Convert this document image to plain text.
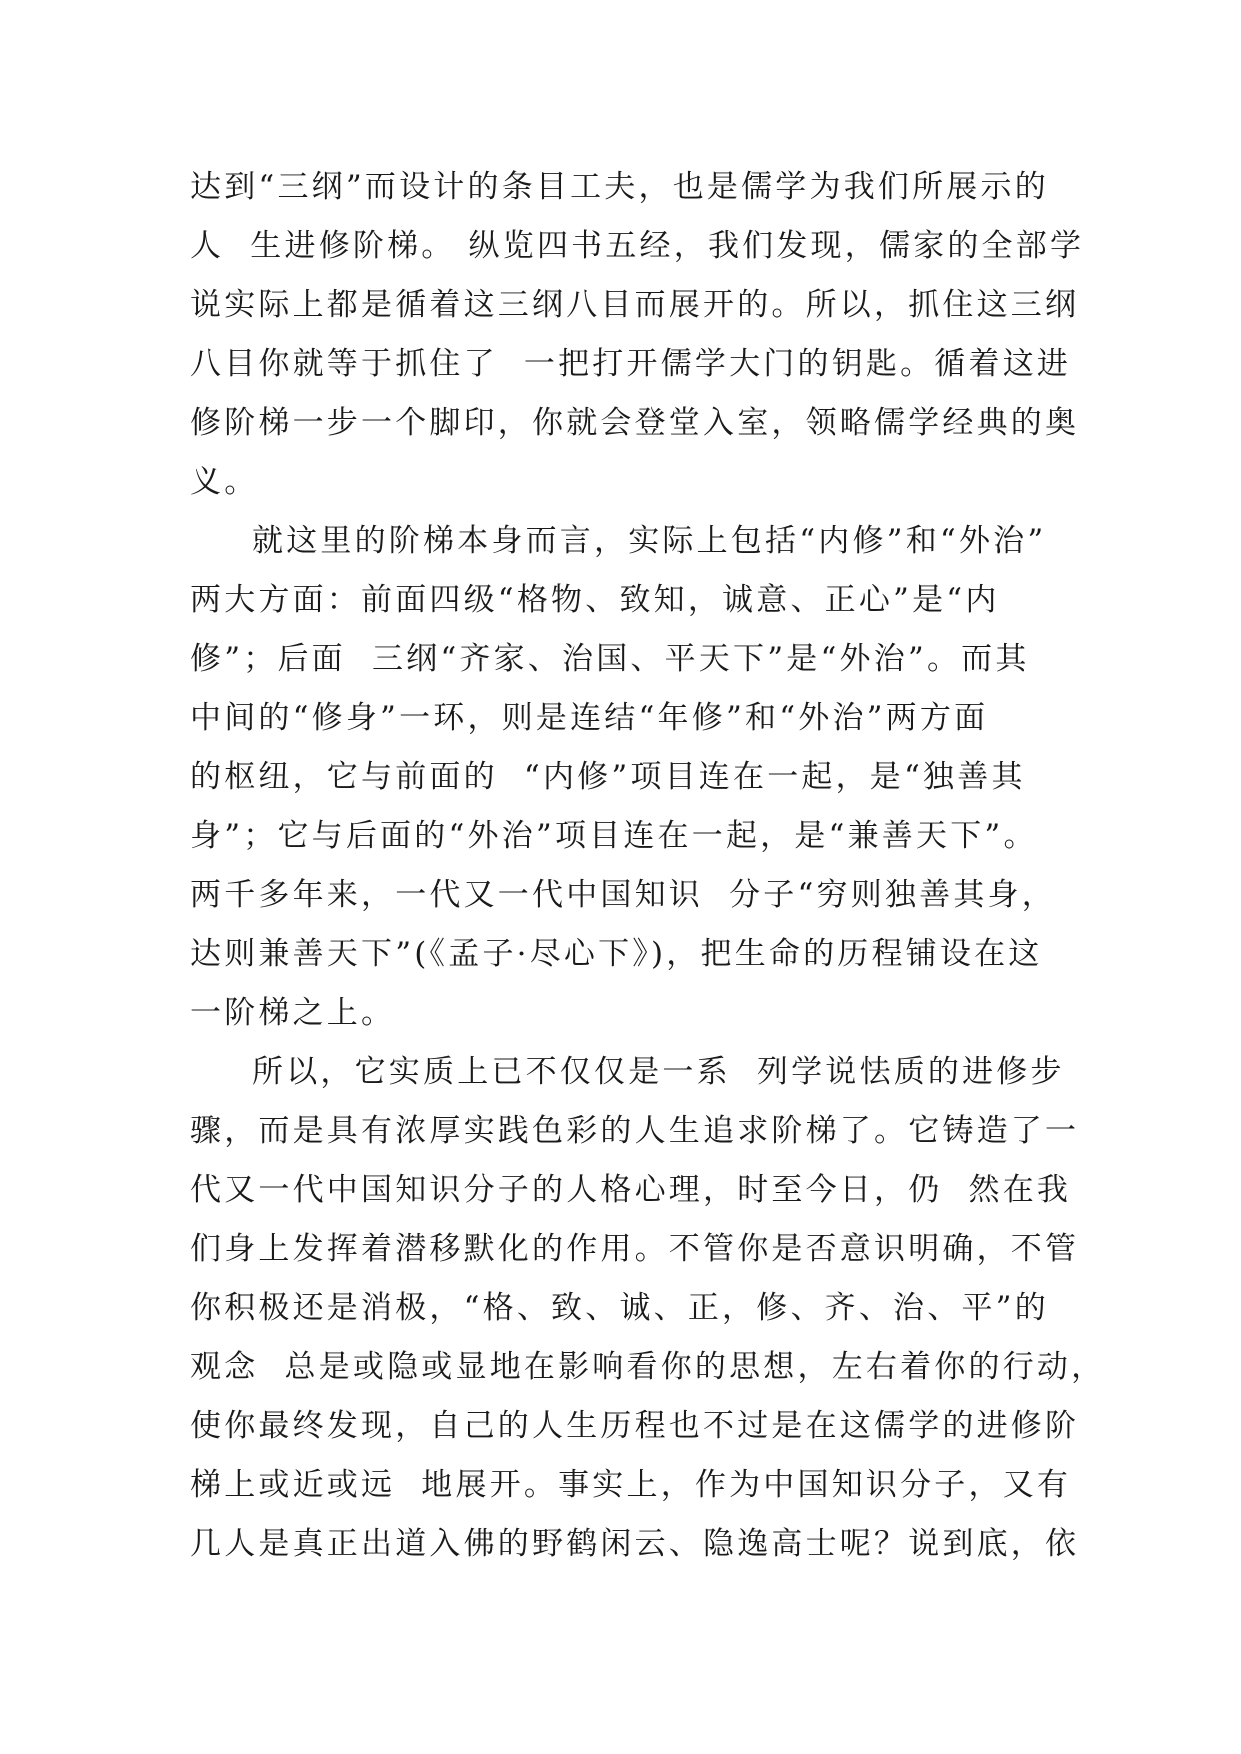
达到“三纲”而设计的条目工夫，也是儒学为我们所展示的
人  生进修阶梯。 纵览四书五经，我们发现，儒家的全部学
说实际上都是循着这三纲八目而展开的。所以，抓住这三纲
八目你就等于抓住了  一把打开儒学大门的钥匙。循着这进
修阶梯一步一个脚印，你就会登堂入室，领略儒学经典的奥
义。
就这里的阶梯本身而言，实际上包括“内修”和“外治”
两大方面：前面四级“格物、致知，诚意、正心”是“内
修”；后面  三纲“齐家、治国、平天下”是“外治”。而其
中间的“修身”一环，则是连结“年修”和“外治”两方面
的枢纽，它与前面的  “内修”项目连在一起，是“独善其
身”；它与后面的“外治”项目连在一起，是“兼善天下”。
两千多年来，一代又一代中国知识  分子“穷则独善其身，
达则兼善天下”(《孟子·尽心下》)，把生命的历程铺设在这
一阶梯之上。
所以，它实质上已不仅仅是一系  列学说怯质的进修步
骤，而是具有浓厚实践色彩的人生追求阶梯了。它铸造了一
代又一代中国知识分子的人格心理，时至今日，仍  然在我
们身上发挥着潜移默化的作用。不管你是否意识明确，不管
你积极还是消极，“格、致、诚、正，修、齐、治、平”的
观念  总是或隐或显地在影响看你的思想，左右着你的行动，
使你最终发现，自己的人生历程也不过是在这儒学的进修阶
梯上或近或远  地展开。事实上，作为中国知识分子，又有
几人是真正出道入佛的野鹤闲云、隐逸高士呢？说到底，依
